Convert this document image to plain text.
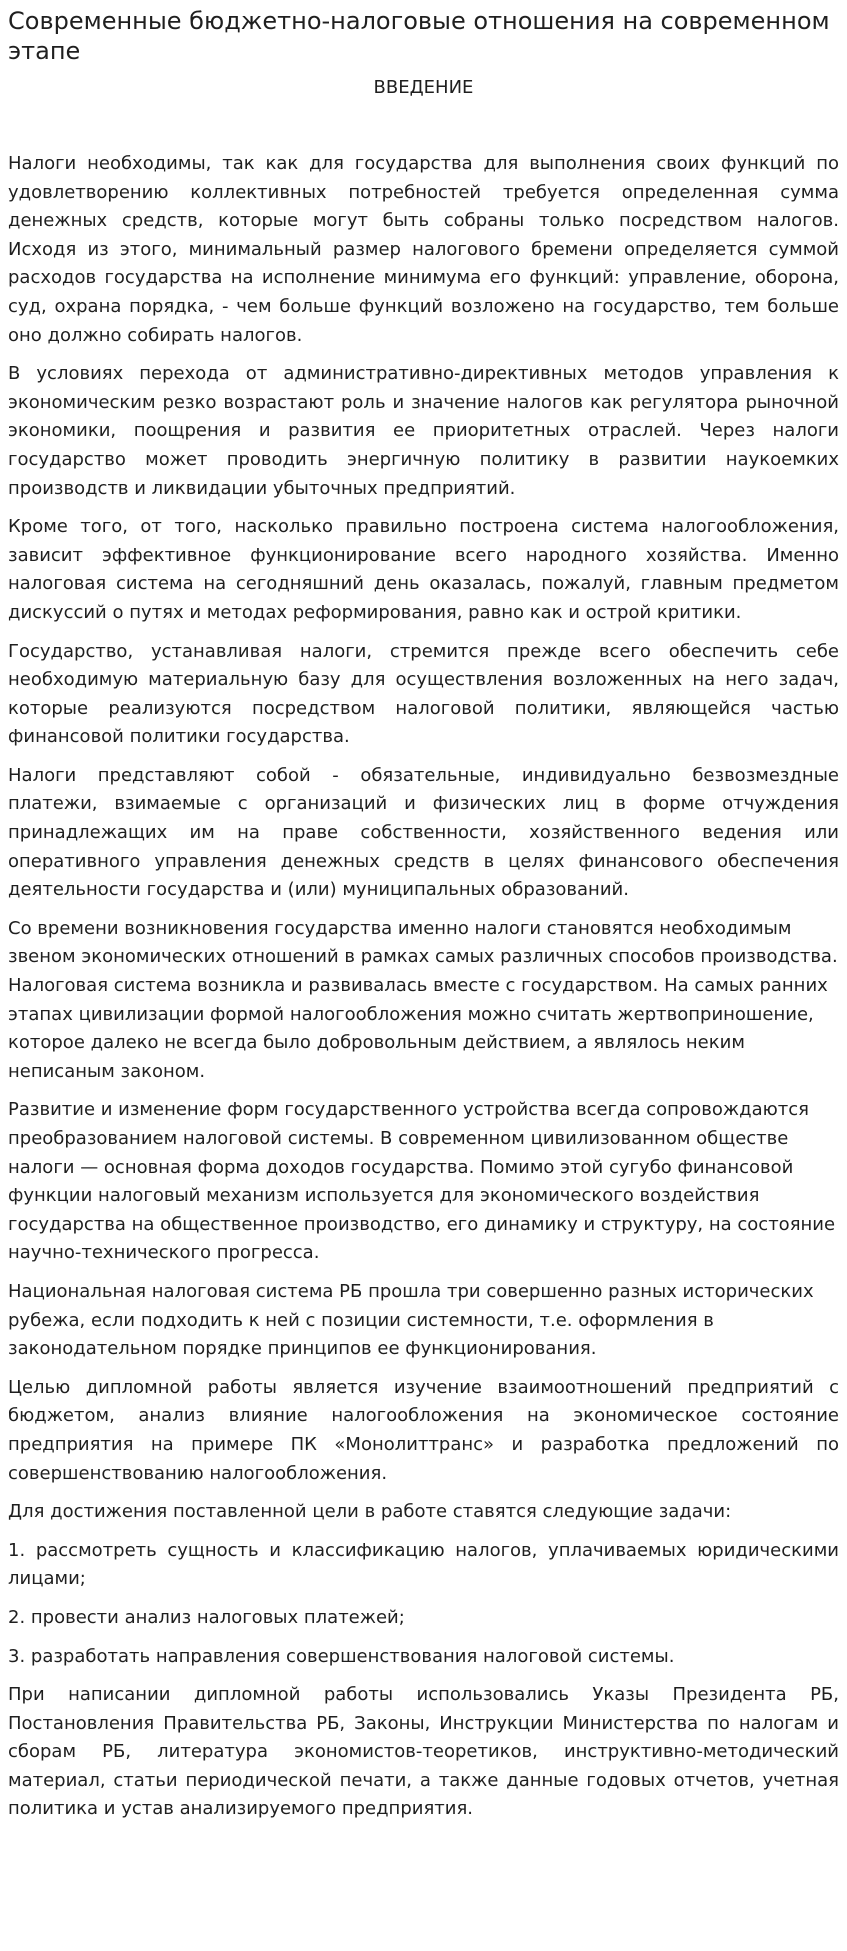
Современные бюджетно-налоговые отношения на современном этапе
ВВЕДЕНИЕ

Налоги необходимы, так как для государства для выполнения своих функций по удовлетворению коллективных потребностей требуется определенная сумма денежных средств, которые могут быть собраны только посредством налогов. Исходя из этого, минимальный размер налогового бремени определяется суммой расходов государства на исполнение минимума его функций: управление, оборона, суд, охрана порядка, - чем больше функций возложено на государство, тем больше оно должно собирать налогов.

В условиях перехода от административно-директивных методов управления к экономическим резко возрастают роль и значение налогов как регулятора рыночной экономики, поощрения и развития ее приоритетных отраслей. Через налоги государство может проводить энергичную политику в развитии наукоемких производств и ликвидации убыточных предприятий.

Кроме того, от того, насколько правильно построена система налогообложения, зависит эффективное функционирование всего народного хозяйства. Именно налоговая система на сегодняшний день оказалась, пожалуй, главным предметом дискуссий о путях и методах реформирования, равно как и острой критики.

Государство, устанавливая налоги, стремится прежде всего обеспечить себе необходимую материальную базу для осуществления возложенных на него задач, которые реализуются посредством налоговой политики, являющейся частью финансовой политики государства.

Налоги представляют собой - обязательные, индивидуально безвозмездные платежи, взимаемые с организаций и физических лиц в форме отчуждения принадлежащих им на праве собственности, хозяйственного ведения или оперативного управления денежных средств в целях финансового обеспечения деятельности государства и (или) муниципальных образований.

Со времени возникновения государства именно налоги становятся необходимым звеном экономических отношений в рамках самых различных способов производства. Налоговая система возникла и развивалась вместе с государством. На самых ранних этапах цивилизации формой налогообложения можно считать жертвоприношение, которое далеко не всегда было добровольным действием, а являлось неким неписаным законом.

Развитие и изменение форм государственного устройства всегда сопровождаются преобразованием налоговой системы. В современном цивилизованном обществе налоги — основная форма доходов государства. Помимо этой сугубо финансовой функции налоговый механизм используется для экономического воздействия государства на общественное производство, его динамику и структуру, на состояние научно-технического прогресса.

Национальная налоговая система РБ прошла три совершенно разных исторических рубежа, если подходить к ней с позиции системности, т.е. оформления в законодательном порядке принципов ее функционирования.

Целью дипломной работы является изучение взаимоотношений предприятий с бюджетом, анализ влияние налогообложения на экономическое состояние предприятия на примере ПК «Монолиттранс» и разработка предложений по совершенствованию налогообложения.

Для достижения поставленной цели в работе ставятся следующие задачи:

1. рассмотреть сущность и классификацию налогов, уплачиваемых юридическими лицами;

2. провести анализ налоговых платежей;

3. разработать направления совершенствования налоговой системы.

При написании дипломной работы использовались Указы Президента РБ, Постановления Правительства РБ, Законы, Инструкции Министерства по налогам и сборам РБ, литература экономистов-теоретиков, инструктивно-методический материал, статьи периодической печати, а также данные годовых отчетов, учетная политика и устав анализируемого предприятия.
